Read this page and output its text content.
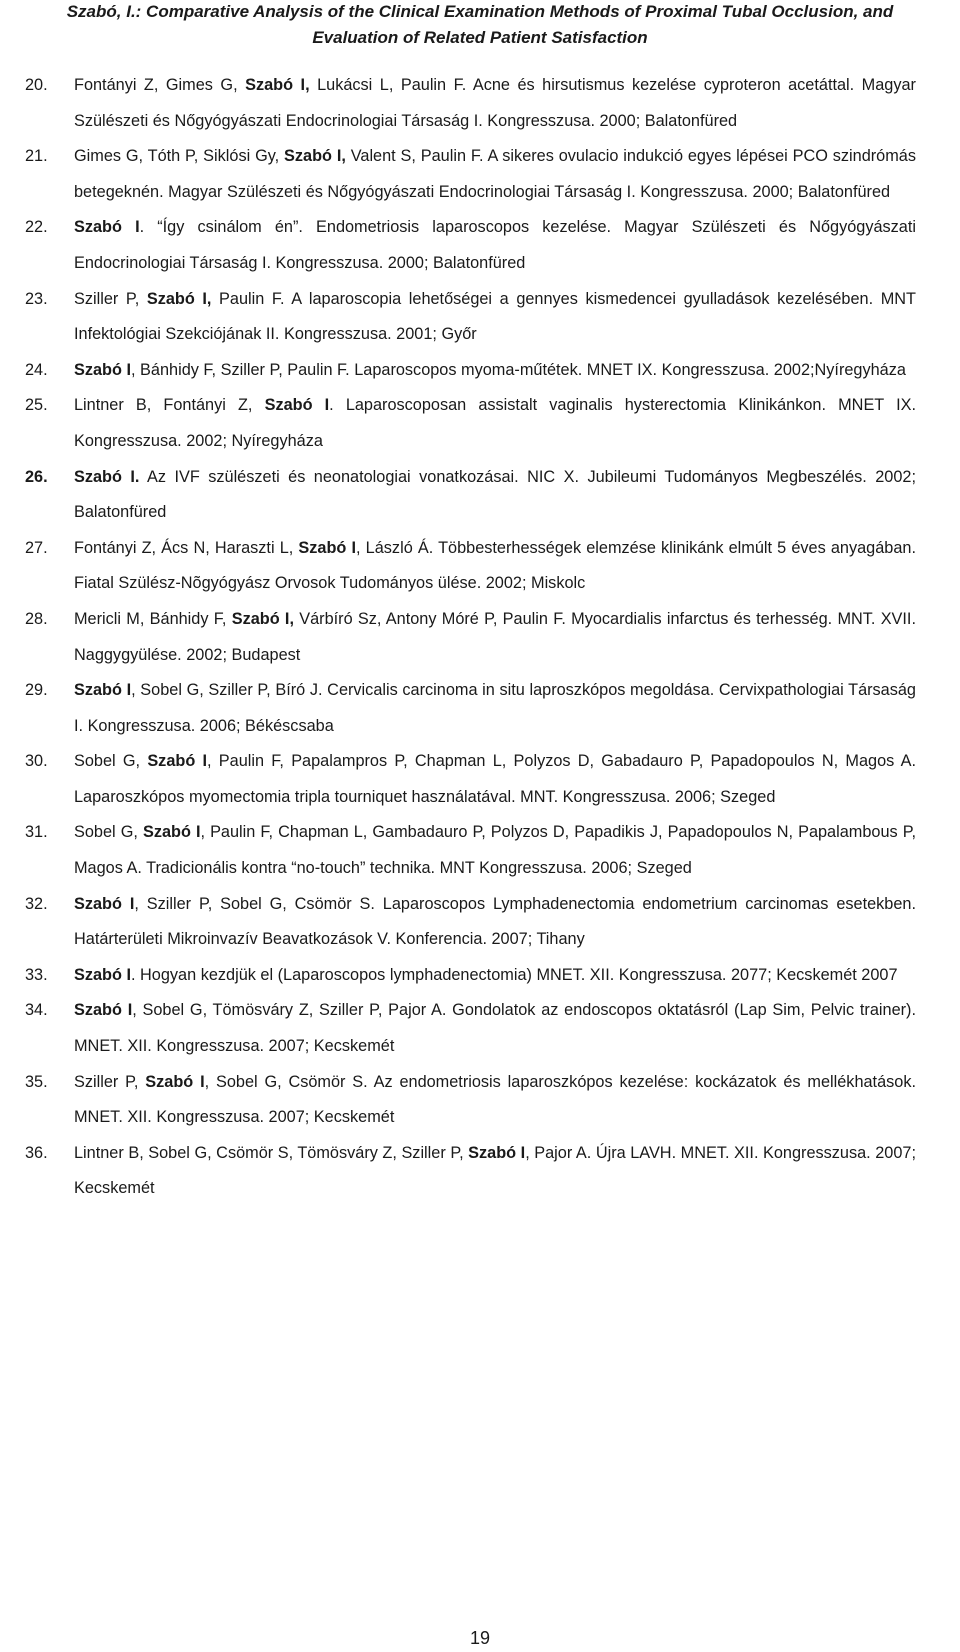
Szabó, I.: Comparative Analysis of the Clinical Examination Methods of Proximal Tubal Occlusion, and
Evaluation of Related Patient Satisfaction
20. Fontányi Z, Gimes G, Szabó I, Lukácsi L, Paulin F. Acne és hirsutismus kezelése cyproteron acetáttal. Magyar Szülészeti és Nőgyógyászati Endocrinologiai Társaság I. Kongresszusa. 2000; Balatonfüred
21. Gimes G, Tóth P, Siklósi Gy, Szabó I, Valent S, Paulin F. A sikeres ovulacio indukció egyes lépései PCO szindrómás betegeknén. Magyar Szülészeti és Nőgyógyászati Endocrinologiai Társaság I. Kongresszusa. 2000; Balatonfüred
22. Szabó I. “Így csinálom én”. Endometriosis laparoscopos kezelése. Magyar Szülészeti és Nőgyógyászati Endocrinologiai Társaság I. Kongresszusa. 2000; Balatonfüred
23. Sziller P, Szabó I, Paulin F. A laparoscopia lehetőségei a gennyes kismedencei gyulladások kezelésében. MNT Infektológiai Szekciójának II. Kongresszusa. 2001; Győr
24. Szabó I, Bánhidy F, Sziller P, Paulin F. Laparoscopos myoma-műtétek. MNET IX. Kongresszusa. 2002;Nyíregyháza
25. Lintner B, Fontányi Z, Szabó I. Laparoscoposan assistalt vaginalis hysterectomia Klinikánkon. MNET IX. Kongresszusa. 2002; Nyíregyháza
26. Szabó I. Az IVF szülészeti és neonatologiai vonatkozásai. NIC X. Jubileumi Tudományos Megbeszélés. 2002; Balatonfüred
27. Fontányi Z, Ács N, Haraszti L, Szabó I, László Á. Többesterhességek elemzése klinikánk elmúlt 5 éves anyagában. Fiatal Szülész-Nõgyógyász Orvosok Tudományos ülése. 2002; Miskolc
28. Mericli M, Bánhidy F, Szabó I, Várbíró Sz, Antony Móré P, Paulin F. Myocardialis infarctus és terhesség. MNT. XVII. Naggygyülése. 2002; Budapest
29. Szabó I, Sobel G, Sziller P, Bíró J. Cervicalis carcinoma in situ laproszkópos megoldása. Cervixpathologiai Társaság I. Kongresszusa. 2006; Békéscsaba
30. Sobel G, Szabó I, Paulin F, Papalampros P, Chapman L, Polyzos D, Gabadauro P, Papadopoulos N, Magos A. Laparoszkópos myomectomia tripla tourniquet használatával. MNT. Kongresszusa. 2006; Szeged
31. Sobel G, Szabó I, Paulin F, Chapman L, Gambadauro P, Polyzos D, Papadikis J, Papadopoulos N, Papalambous P, Magos A. Tradicionális kontra “no-touch” technika. MNT Kongresszusa. 2006; Szeged
32. Szabó I, Sziller P, Sobel G, Csömör S. Laparoscopos Lymphadenectomia endometrium carcinomas esetekben. Határterületi Mikroinvazív Beavatkozások V. Konferencia. 2007; Tihany
33. Szabó I. Hogyan kezdjük el (Laparoscopos lymphadenectomia) MNET. XII. Kongresszusa. 2077; Kecskemét 2007
34. Szabó I, Sobel G, Tömösváry Z, Sziller P, Pajor A. Gondolatok az endoscopos oktatásról (Lap Sim, Pelvic trainer). MNET. XII. Kongresszusa. 2007; Kecskemét
35. Sziller P, Szabó I, Sobel G, Csömör S. Az endometriosis laparoszkópos kezelése: kockázatok és mellékhatások. MNET. XII. Kongresszusa. 2007; Kecskemét
36. Lintner B, Sobel G, Csömör S, Tömösváry Z, Sziller P, Szabó I, Pajor A. Újra LAVH. MNET. XII. Kongresszusa. 2007; Kecskemét
19
